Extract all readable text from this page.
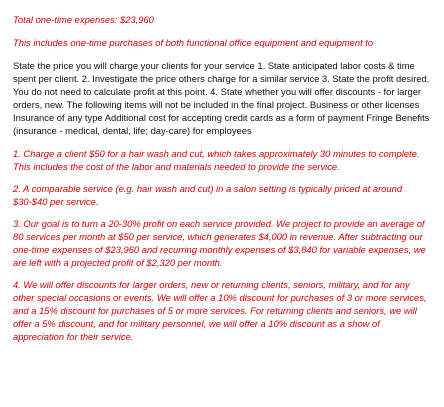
Total one-time expenses: $23,960

This includes one-time purchases of both functional office equipment and equipment to

State the price you will charge your clients for your service 1. State anticipated labor costs & time spent per client. 2. Investigate the price others charge for a similar service 3. State the profit desired. You do not need to calculate profit at this point. 4. State whether you will offer discounts - for larger orders, new. The following items will not be included in the final project. Business or other licenses Insurance of any type Additional cost for accepting credit cards as a form of payment Fringe Benefits (insurance - medical, dental, life; day-care) for employees

1. Charge a client $50 for a hair wash and cut, which takes approximately 30 minutes to complete. This includes the cost of the labor and materials needed to provide the service.

2. A comparable service (e.g. hair wash and cut) in a salon setting is typically priced at around $30-$40 per service.

3. Our goal is to turn a 20-30% profit on each service provided. We project to provide an average of 80 services per month at $50 per service, which generates $4,000 in revenue. After subtracting our one-time expenses of $23,960 and recurring monthly expenses of $3,840 for variable expenses, we are left with a projected profit of $2,320 per month.

4. We will offer discounts for larger orders, new or returning clients, seniors, military, and for any other special occasions or events. We will offer a 10% discount for purchases of 3 or more services, and a 15% discount for purchases of 5 or more services. For returning clients and seniors, we will offer a 5% discount, and for military personnel, we will offer a 10% discount as a show of appreciation for their service.
